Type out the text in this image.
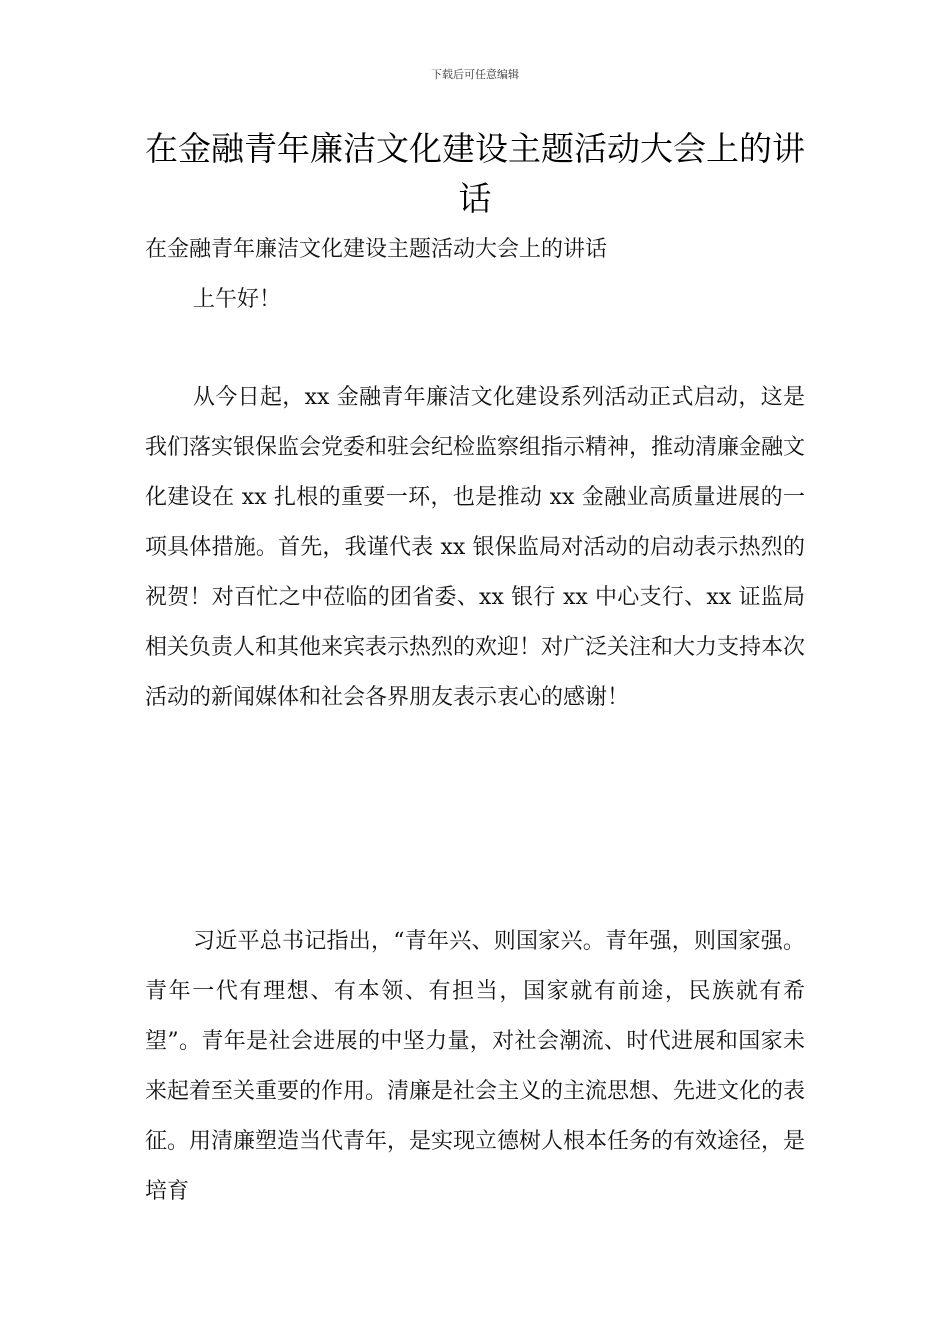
下载后可任意编辑
在金融青年廉洁文化建设主题活动大会上的讲话

在金融青年廉洁文化建设主题活动大会上的讲话

上午好！

从今日起，xx 金融青年廉洁文化建设系列活动正式启动，这是我们落实银保监会党委和驻会纪检监察组指示精神，推动清廉金融文化建设在 xx 扎根的重要一环，也是推动 xx 金融业高质量进展的一项具体措施。首先，我谨代表 xx 银保监局对活动的启动表示热烈的祝贺！对百忙之中莅临的团省委、xx 银行 xx 中心支行、xx 证监局相关负责人和其他来宾表示热烈的欢迎！对广泛关注和大力支持本次活动的新闻媒体和社会各界朋友表示衷心的感谢！

习近平总书记指出，“青年兴、则国家兴。青年强，则国家强。青年一代有理想、有本领、有担当，国家就有前途，民族就有希望”。青年是社会进展的中坚力量，对社会潮流、时代进展和国家未来起着至关重要的作用。清廉是社会主义的主流思想、先进文化的表征。用清廉塑造当代青年，是实现立德树人根本任务的有效途径，是培育
